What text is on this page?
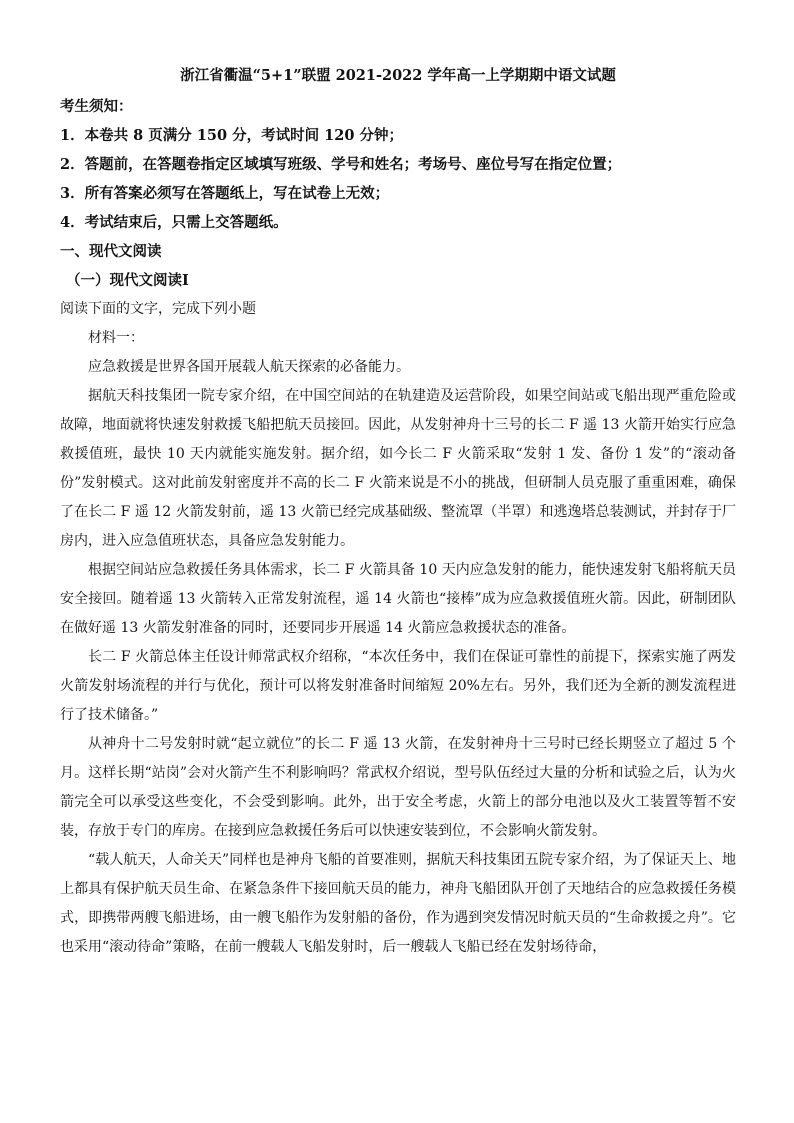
浙江省衢温“5+1”联盟 2021-2022 学年高一上学期期中语文试题
考生须知：
1．本卷共 8 页满分 150 分，考试时间 120 分钟；
2．答题前，在答题卷指定区域填写班级、学号和姓名；考场号、座位号写在指定位置；
3．所有答案必须写在答题纸上，写在试卷上无效；
4．考试结束后，只需上交答题纸。
一、现代文阅读
（一）现代文阅读Ⅰ
阅读下面的文字，完成下列小题

材料一：

应急救援是世界各国开展载人航天探索的必备能力。

据航天科技集团一院专家介绍，在中国空间站的在轨建造及运营阶段，如果空间站或飞船出现严重危险或故障，地面就将快速发射救援飞船把航天员接回。因此，从发射神舟十三号的长二 F 遥 13 火箭开始实行应急救援值班，最快 10 天内就能实施发射。据介绍，如今长二 F 火箭采取“发射 1 发、备份 1 发”的“滚动备份”发射模式。这对此前发射密度并不高的长二 F 火箭来说是不小的挑战，但研制人员克服了重重困难，确保了在长二 F 遥 12 火箭发射前，遥 13 火箭已经完成基础级、整流罩（半罩）和逃逸塔总装测试，并封存于厂房内，进入应急值班状态，具备应急发射能力。

根据空间站应急救援任务具体需求，长二 F 火箭具备 10 天内应急发射的能力，能快速发射飞船将航天员安全接回。随着遥 13 火箭转入正常发射流程，遥 14 火箭也“接棒”成为应急救援值班火箭。因此，研制团队在做好遥 13 火箭发射准备的同时，还要同步开展遥 14 火箭应急救援状态的准备。

长二 F 火箭总体主任设计师常武权介绍称，“本次任务中，我们在保证可靠性的前提下，探索实施了两发火箭发射场流程的并行与优化，预计可以将发射准备时间缩短 20%左右。另外，我们还为全新的测发流程进行了技术储备。”

从神舟十二号发射时就“起立就位”的长二 F 遥 13 火箭，在发射神舟十三号时已经长期竖立了超过 5 个月。这样长期“站岗”会对火箭产生不利影响吗？常武权介绍说，型号队伍经过大量的分析和试验之后，认为火箭完全可以承受这些变化，不会受到影响。此外，出于安全考虑，火箭上的部分电池以及火工装置等暂不安装，存放于专门的库房。在接到应急救援任务后可以快速安装到位，不会影响火箭发射。

“载人航天，人命关天”同样也是神舟飞船的首要准则，据航天科技集团五院专家介绍，为了保证天上、地上都具有保护航天员生命、在紧急条件下接回航天员的能力，神舟飞船团队开创了天地结合的应急救援任务模式，即携带两艘飞船进场，由一艘飞船作为发射船的备份，作为遇到突发情况时航天员的“生命救援之舟”。它也采用“滚动待命”策略，在前一艘载人飞船发射时，后一艘载人飞船已经在发射场待命，
